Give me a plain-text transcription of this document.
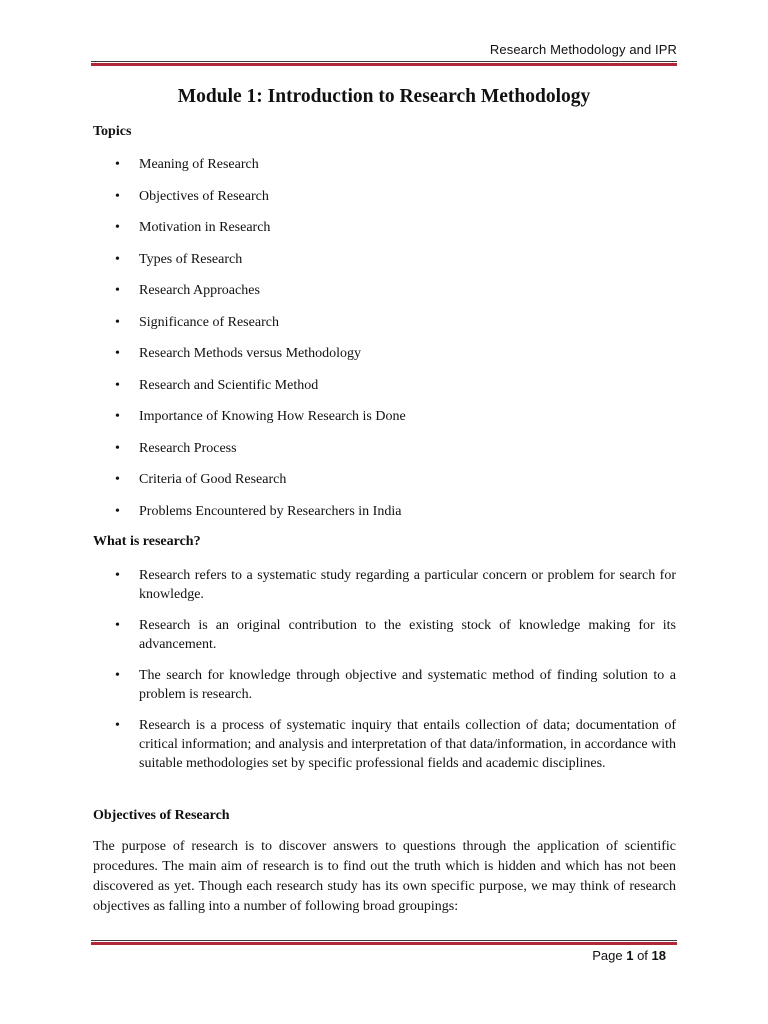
Research Methodology and IPR
Module 1: Introduction to Research Methodology
Topics
• Meaning of Research
• Objectives of Research
• Motivation in Research
• Types of Research
• Research Approaches
• Significance of Research
• Research Methods versus Methodology
• Research and Scientific Method
• Importance of Knowing How Research is Done
• Research Process
• Criteria of Good Research
• Problems Encountered by Researchers in India
What is research?
• Research refers to a systematic study regarding a particular concern or problem for search for knowledge.
• Research is an original contribution to the existing stock of knowledge making for its advancement.
• The search for knowledge through objective and systematic method of finding solution to a problem is research.
• Research is a process of systematic inquiry that entails collection of data; documentation of critical information; and analysis and interpretation of that data/information, in accordance with suitable methodologies set by specific professional fields and academic disciplines.
Objectives of Research
The purpose of research is to discover answers to questions through the application of scientific procedures. The main aim of research is to find out the truth which is hidden and which has not been discovered as yet. Though each research study has its own specific purpose, we may think of research objectives as falling into a number of following broad groupings:
Page 1 of 18
